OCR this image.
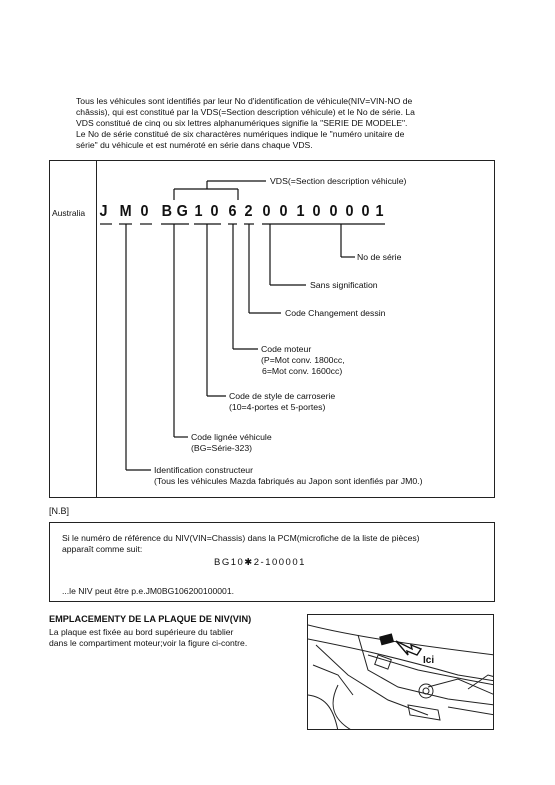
Tous les véhicules sont identifiés par leur No d'identification de véhicule(NIV=VIN-NO de
châssis), qui est constitué par la VDS(=Section description véhicule) et le No de série. La
VDS constitué de cinq ou six lettres alphanumériques signifie la "SERIE DE MODELE".
Le No de série constitué de six charactères numériques indique le "numéro unitaire de
série" du véhicule et est numéroté en série dans chaque VDS.
Australia J M 0 B G 1 0 6 2 0 0 1 0 0 0 0 1
VDS(=Section description véhicule)
No de série
Sans signification
Code Changement dessin
Code moteur
(P=Mot conv. 1800cc,
6=Mot conv. 1600cc)
Code de style de carroserie
(10=4-portes et 5-portes)
Code lignée véhicule
(BG=Série-323)
Identification constructeur
(Tous les véhicules Mazda fabriqués au Japon sont idenfiés par JM0.)
[N.B]
Si le numéro de référence du NIV(VIN=Chassis) dans la PCM(microfiche de la liste de pièces)
apparaît comme suit:
BG10✱2-100001
...le NIV peut être p.e.JM0BG106200100001.
EMPLACEMENTY DE LA PLAQUE DE NIV(VIN)
La plaque est fixée au bord supérieure du tablier
dans le compartiment moteur;voir la figure ci-contre.
Ici
